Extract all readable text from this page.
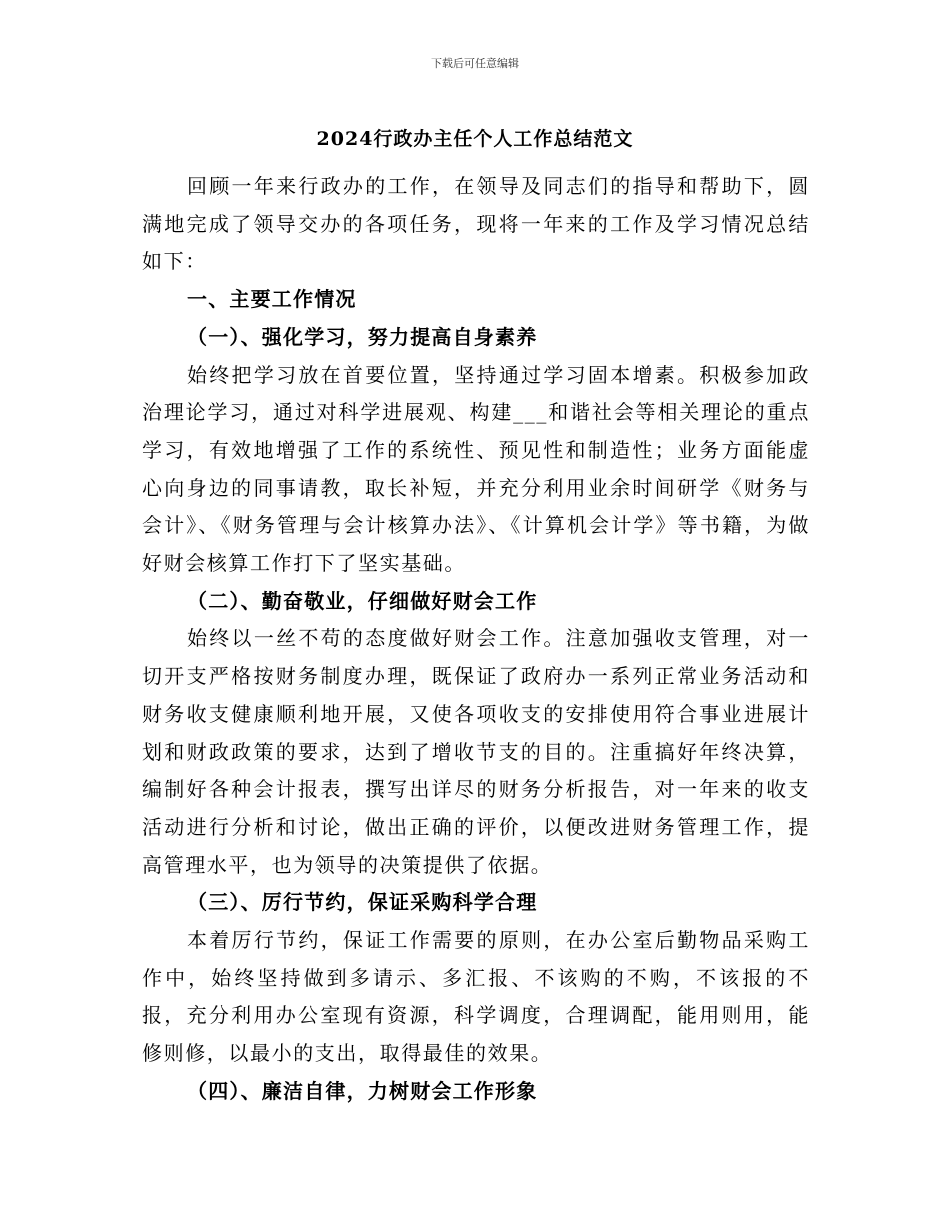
下载后可任意编辑
2024行政办主任个人工作总结范文

回顾一年来行政办的工作，在领导及同志们的指导和帮助下，圆满地完成了领导交办的各项任务，现将一年来的工作及学习情况总结如下：

一、主要工作情况

（一）、强化学习，努力提高自身素养

始终把学习放在首要位置，坚持通过学习固本增素。积极参加政治理论学习，通过对科学进展观、构建___和谐社会等相关理论的重点学习，有效地增强了工作的系统性、预见性和制造性；业务方面能虚心向身边的同事请教，取长补短，并充分利用业余时间研学《财务与会计》、《财务管理与会计核算办法》、《计算机会计学》等书籍，为做好财会核算工作打下了坚实基础。

（二）、勤奋敬业，仔细做好财会工作

始终以一丝不苟的态度做好财会工作。注意加强收支管理，对一切开支严格按财务制度办理，既保证了政府办一系列正常业务活动和财务收支健康顺利地开展，又使各项收支的安排使用符合事业进展计划和财政政策的要求，达到了增收节支的目的。注重搞好年终决算，编制好各种会计报表，撰写出详尽的财务分析报告，对一年来的收支活动进行分析和讨论，做出正确的评价，以便改进财务管理工作，提高管理水平，也为领导的决策提供了依据。

（三）、厉行节约，保证采购科学合理

本着厉行节约，保证工作需要的原则，在办公室后勤物品采购工作中，始终坚持做到多请示、多汇报、不该购的不购，不该报的不报，充分利用办公室现有资源，科学调度，合理调配，能用则用，能修则修，以最小的支出，取得最佳的效果。

（四）、廉洁自律，力树财会工作形象
